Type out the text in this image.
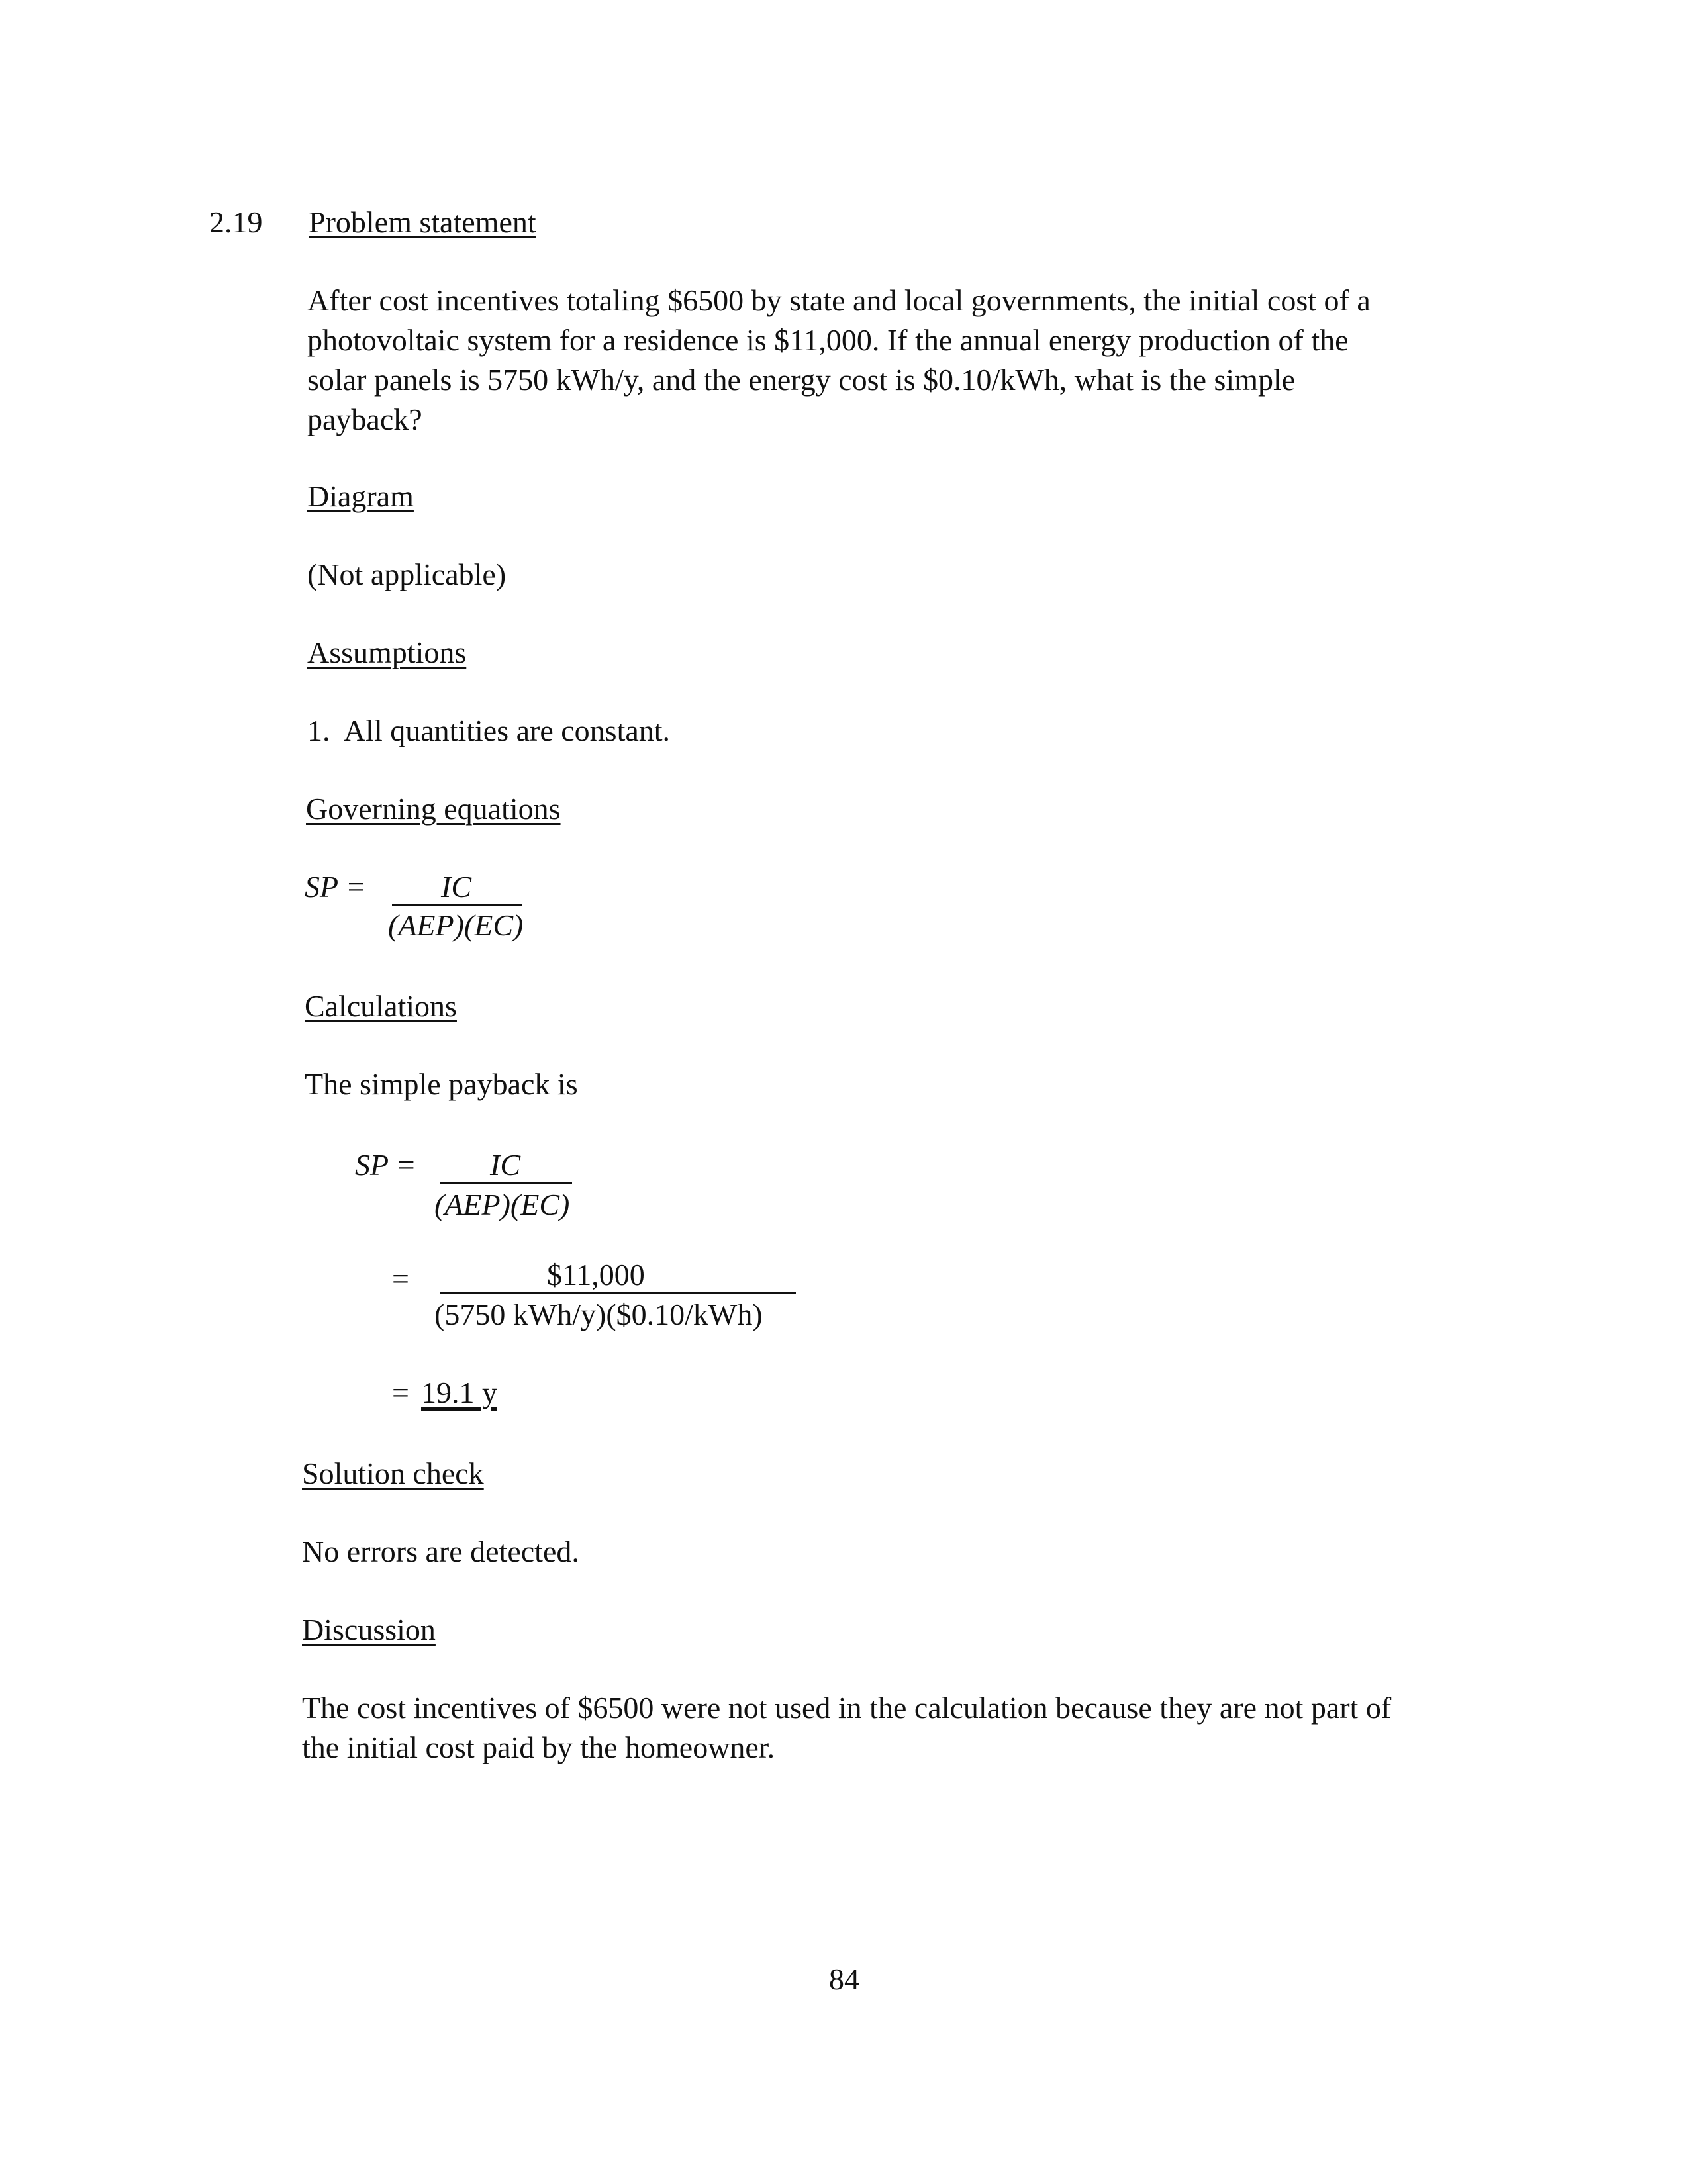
2.19 Problem statement
After cost incentives totaling $6500 by state and local governments, the initial cost of a
photovoltaic system for a residence is $11,000. If the annual energy production of the
solar panels is 5750 kWh/y, and the energy cost is $0.10/kWh, what is the simple
payback?
Diagram
(Not applicable)
Assumptions
1.  All quantities are constant.
Governing equations
SP = IC
(AEP)(EC)
Calculations
The simple payback is
SP = IC
(AEP)(EC)
=	$11,000
(5750 kWh/y)($0.10/kWh)
= 19.1 y
Solution check
No errors are detected.
Discussion
The cost incentives of $6500 were not used in the calculation because they are not part of
the initial cost paid by the homeowner.
84
